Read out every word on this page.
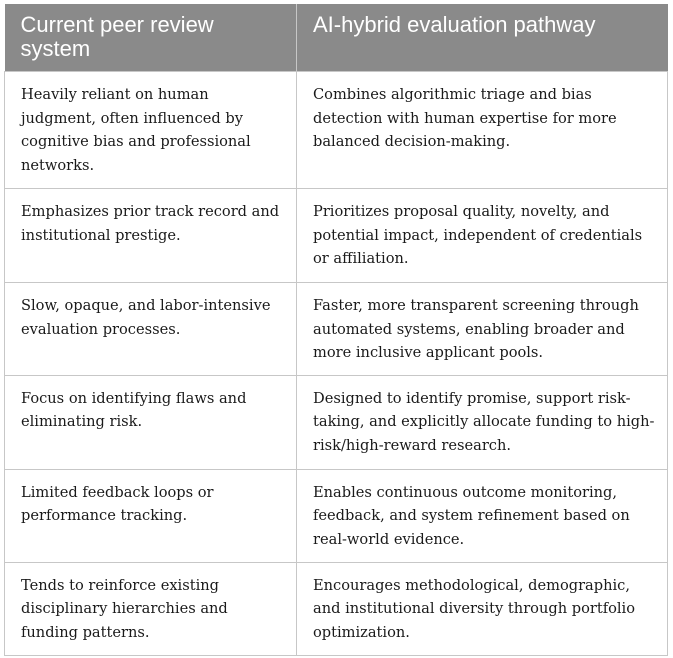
Current peer review system	AI-hybrid evaluation pathway
Heavily reliant on human judgment, often influenced by cognitive bias and professional networks.	Combines algorithmic triage and bias detection with human expertise for more balanced decision-making.
Emphasizes prior track record and institutional prestige.	Prioritizes proposal quality, novelty, and potential impact, independent of credentials or affiliation.
Slow, opaque, and labor-intensive evaluation processes.	Faster, more transparent screening through automated systems, enabling broader and more inclusive applicant pools.
Focus on identifying flaws and eliminating risk.	Designed to identify promise, support risk-taking, and explicitly allocate funding to high-risk/high-reward research.
Limited feedback loops or performance tracking.	Enables continuous outcome monitoring, feedback, and system refinement based on real-world evidence.
Tends to reinforce existing disciplinary hierarchies and funding patterns.	Encourages methodological, demographic, and institutional diversity through portfolio optimization.
